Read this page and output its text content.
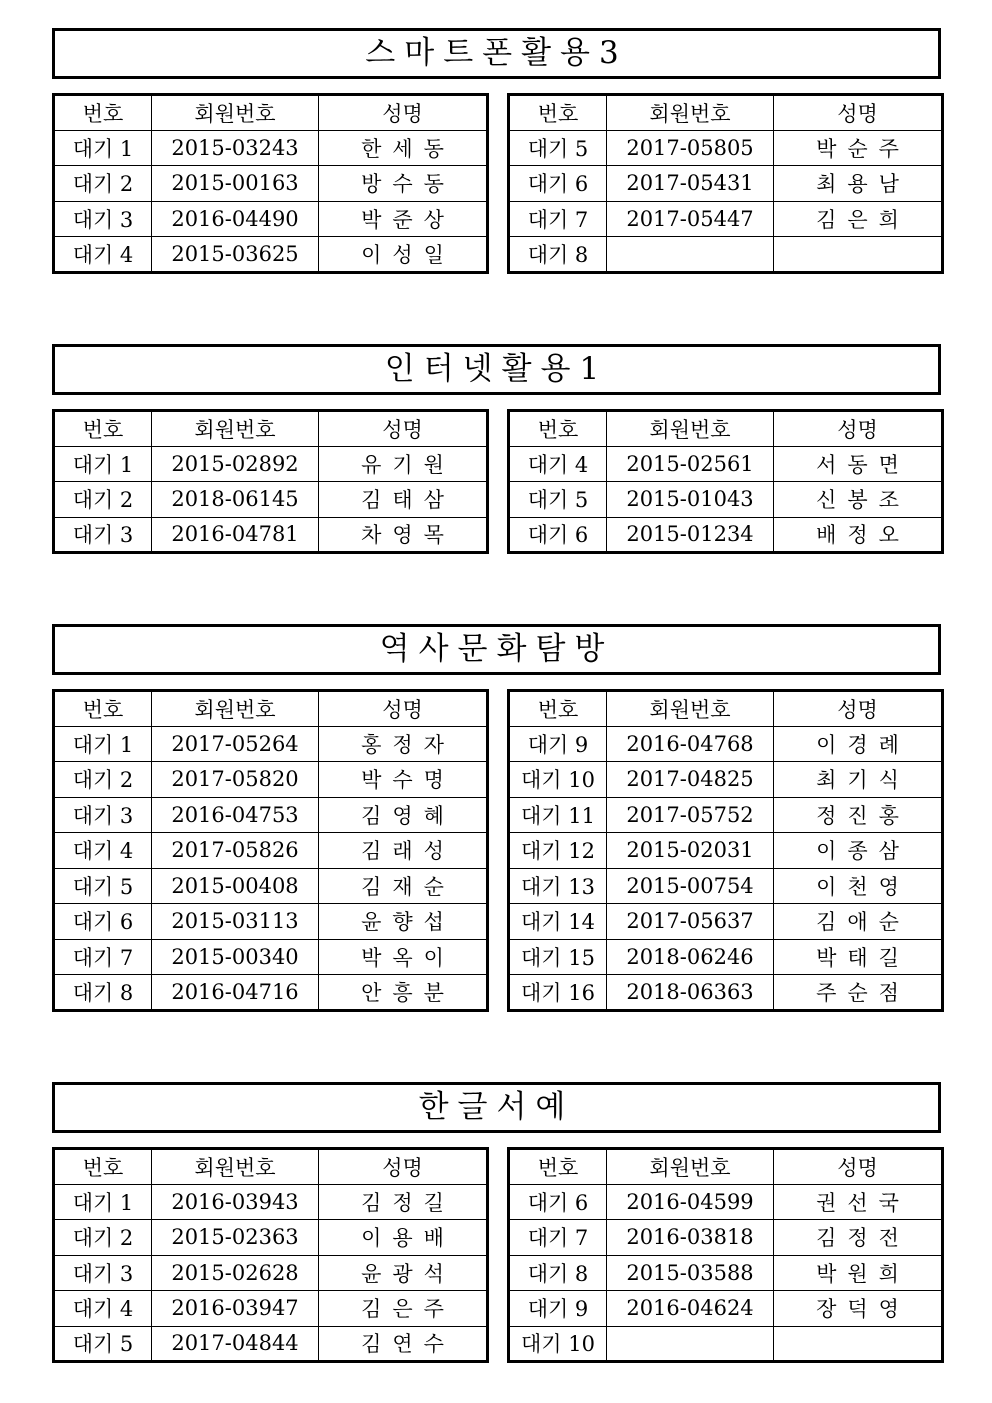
스마트폰활용3
번호	회원번호	성명
대기 1	2015-03243	한세동
대기 2	2015-00163	방수동
대기 3	2016-04490	박준상
대기 4	2015-03625	이성일
번호	회원번호	성명
대기 5	2017-05805	박순주
대기 6	2017-05431	최용남
대기 7	2017-05447	김은희
대기 8		
인터넷활용1
번호	회원번호	성명
대기 1	2015-02892	유기원
대기 2	2018-06145	김태삼
대기 3	2016-04781	차영목
번호	회원번호	성명
대기 4	2015-02561	서동면
대기 5	2015-01043	신봉조
대기 6	2015-01234	배정오
역사문화탐방
번호	회원번호	성명
대기 1	2017-05264	홍정자
대기 2	2017-05820	박수명
대기 3	2016-04753	김영혜
대기 4	2017-05826	김래성
대기 5	2015-00408	김재순
대기 6	2015-03113	윤향섭
대기 7	2015-00340	박옥이
대기 8	2016-04716	안흥분
번호	회원번호	성명
대기 9	2016-04768	이경례
대기 10	2017-04825	최기식
대기 11	2017-05752	정진홍
대기 12	2015-02031	이종삼
대기 13	2015-00754	이천영
대기 14	2017-05637	김애순
대기 15	2018-06246	박태길
대기 16	2018-06363	주순점
한글서예
번호	회원번호	성명
대기 1	2016-03943	김정길
대기 2	2015-02363	이용배
대기 3	2015-02628	윤광석
대기 4	2016-03947	김은주
대기 5	2017-04844	김연수
번호	회원번호	성명
대기 6	2016-04599	권선국
대기 7	2016-03818	김정전
대기 8	2015-03588	박원희
대기 9	2016-04624	장덕영
대기 10		
